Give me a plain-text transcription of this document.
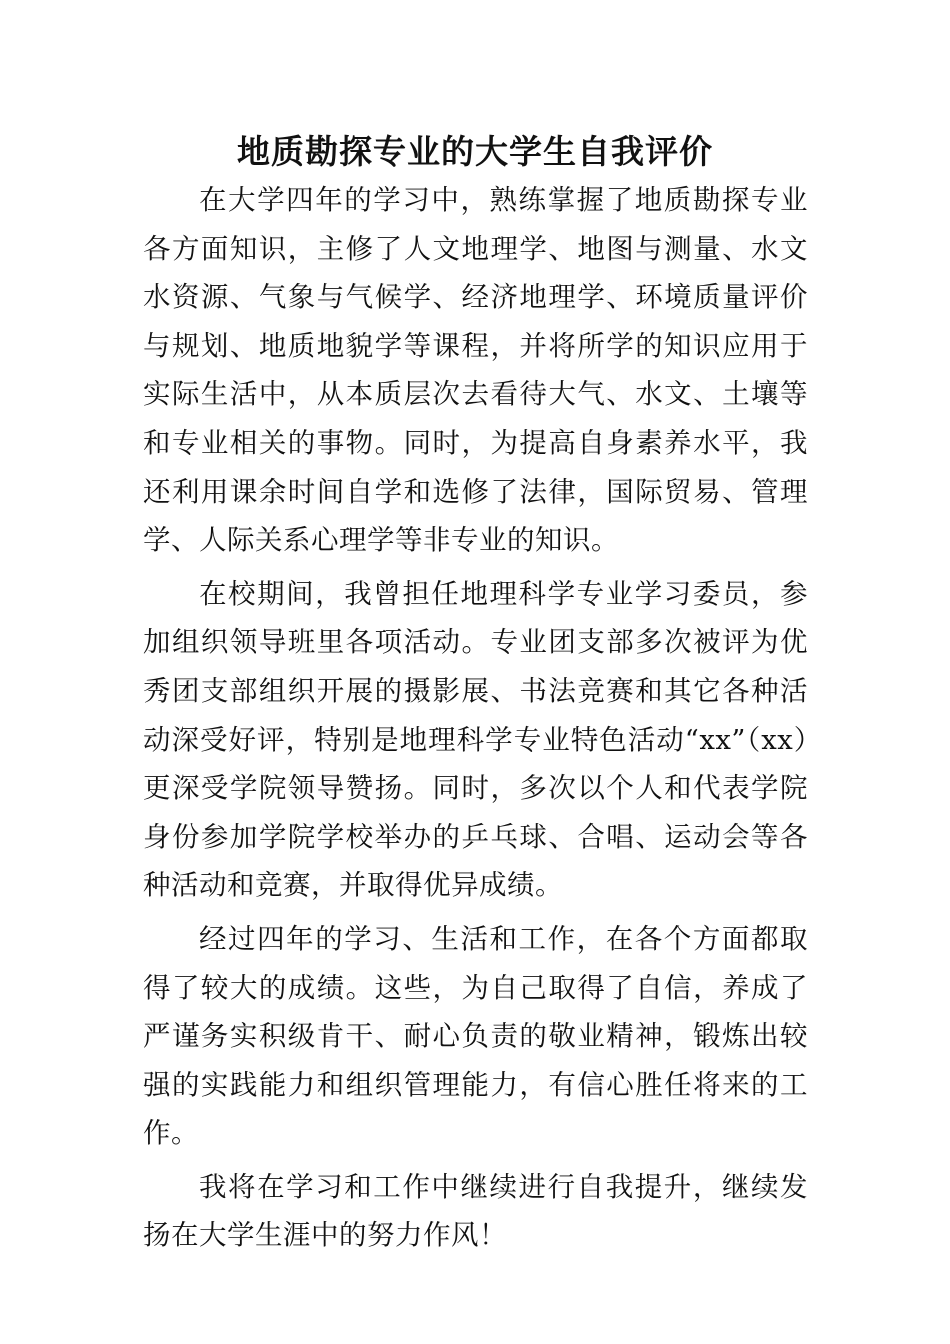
地质勘探专业的大学生自我评价

在大学四年的学习中，熟练掌握了地质勘探专业各方面知识，主修了人文地理学、地图与测量、水文水资源、气象与气候学、经济地理学、环境质量评价与规划、地质地貌学等课程，并将所学的知识应用于实际生活中，从本质层次去看待大气、水文、土壤等和专业相关的事物。同时，为提高自身素养水平，我还利用课余时间自学和选修了法律，国际贸易、管理学、人际关系心理学等非专业的知识。

在校期间，我曾担任地理科学专业学习委员，参加组织领导班里各项活动。专业团支部多次被评为优秀团支部组织开展的摄影展、书法竞赛和其它各种活动深受好评，特别是地理科学专业特色活动“xx”（xx）更深受学院领导赞扬。同时，多次以个人和代表学院身份参加学院学校举办的乒乓球、合唱、运动会等各种活动和竞赛，并取得优异成绩。

经过四年的学习、生活和工作，在各个方面都取得了较大的成绩。这些，为自己取得了自信，养成了严谨务实积级肯干、耐心负责的敬业精神，锻炼出较强的实践能力和组织管理能力，有信心胜任将来的工作。

我将在学习和工作中继续进行自我提升，继续发扬在大学生涯中的努力作风！
